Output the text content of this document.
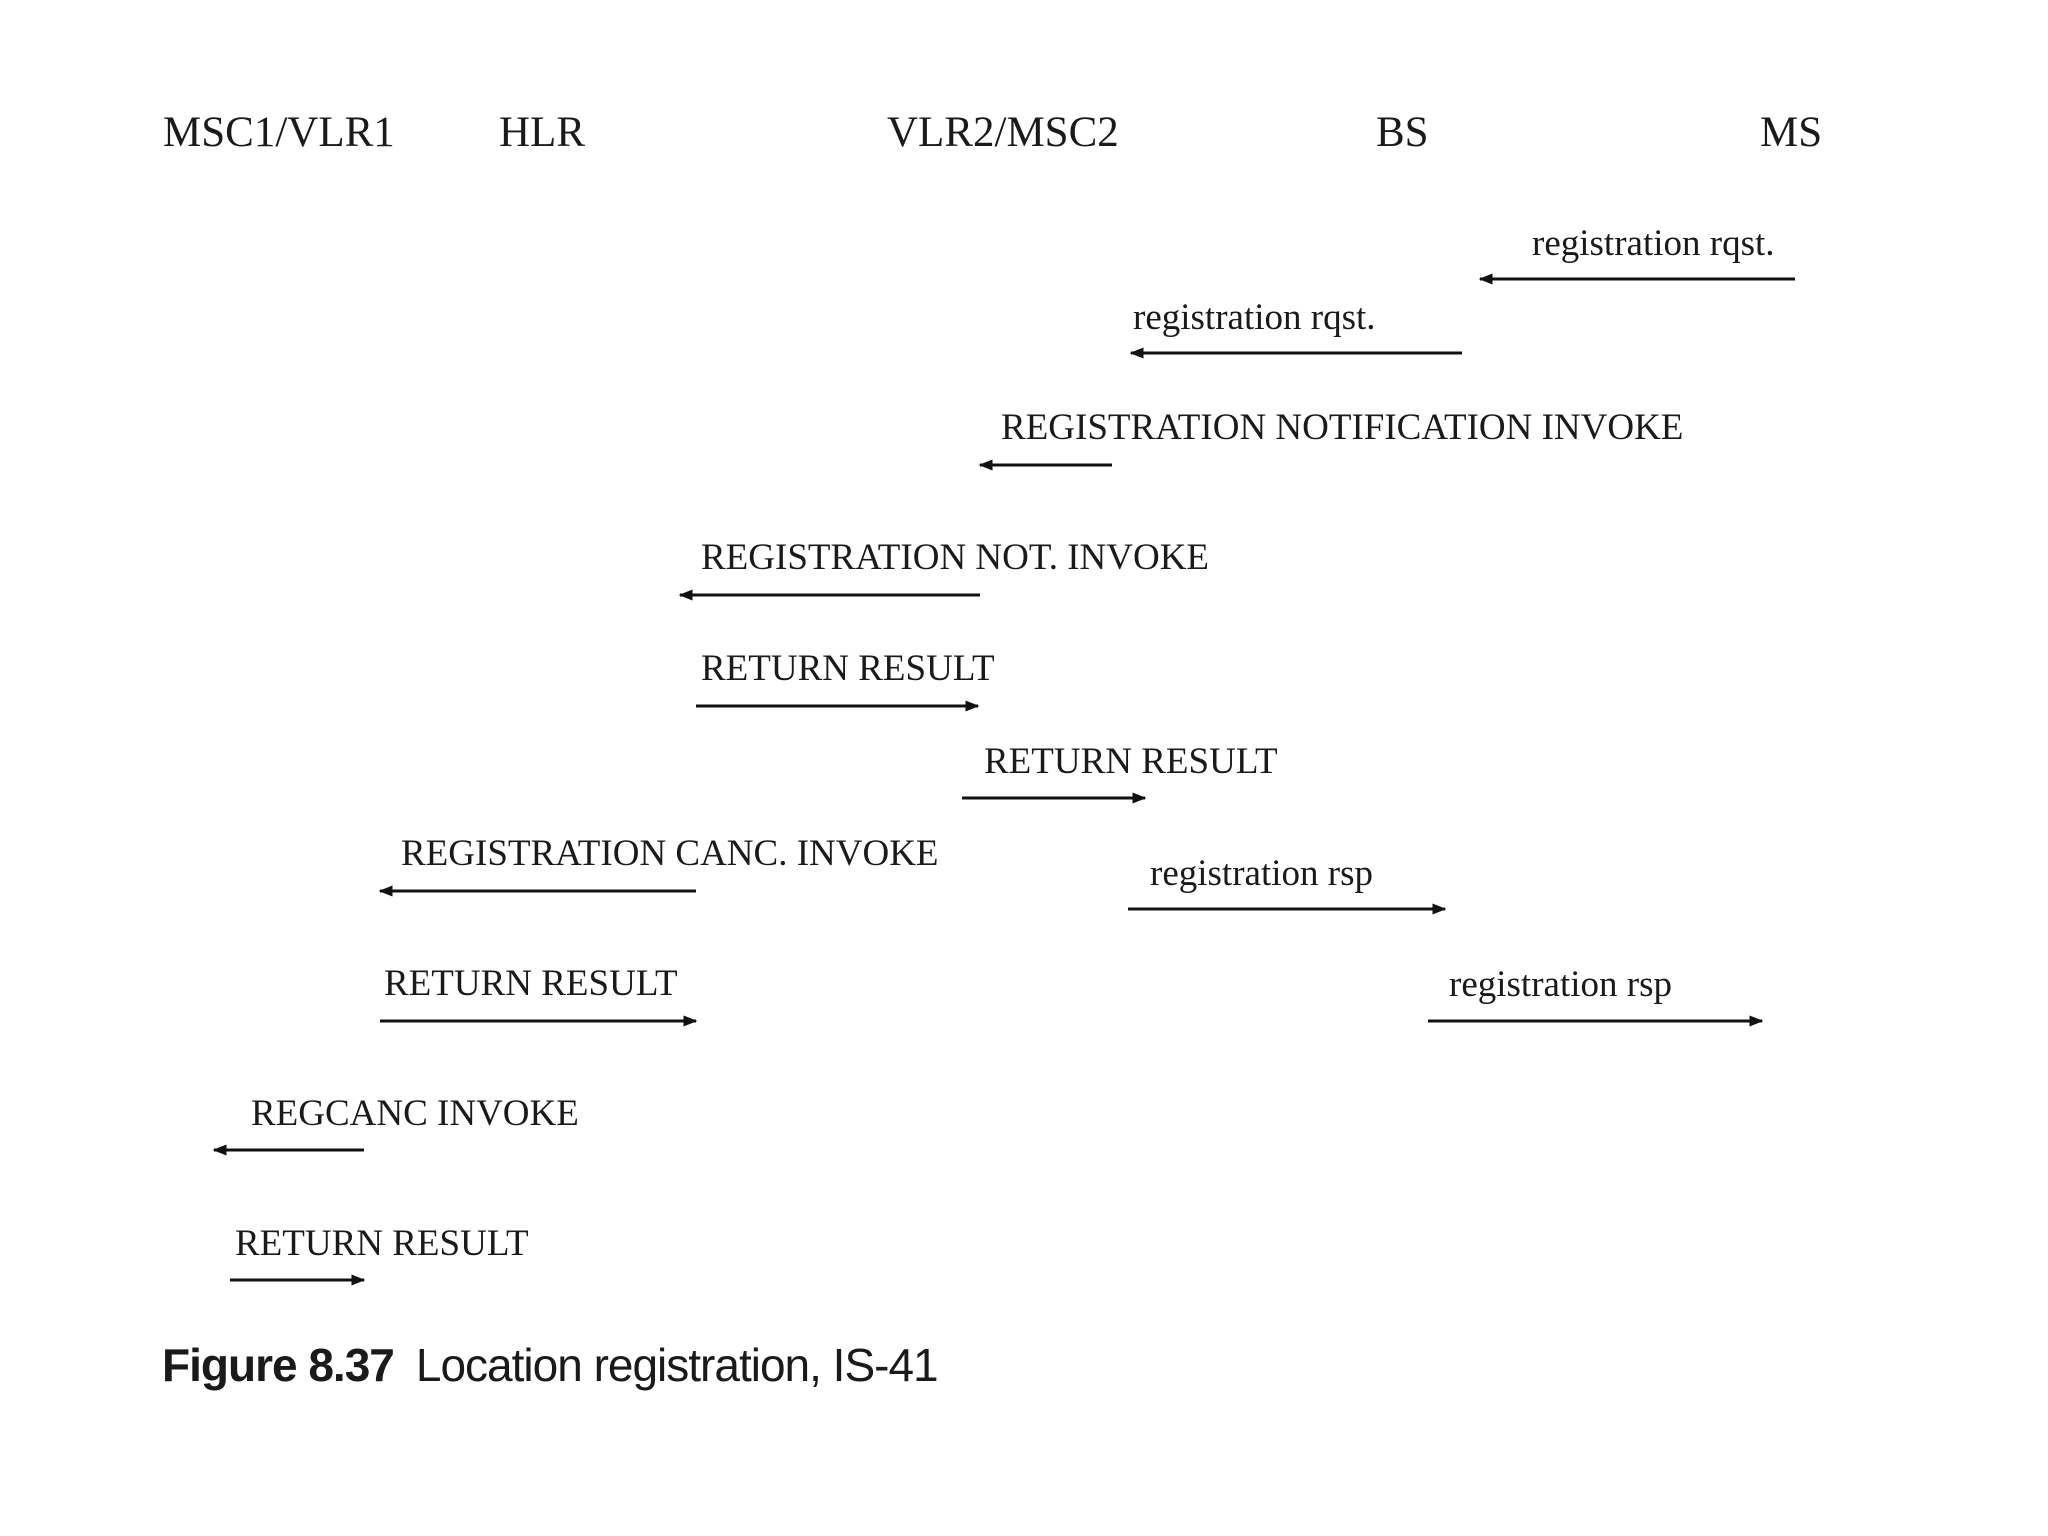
MSC1/VLR1 HLR	VLR2/MSC2	BS	MS
registration rqst.
registration rqst.
REGISTRATION NOTIFICATION INVOKE
REGISTRATION NOT. INVOKE
RETURN RESULT
RETURN RESULT
REGISTRATION CANC. INVOKE	registration rsp
RETURN RESULT	registration rsp
REGCANC INVOKE
RETURN RESULT
Figure 8.37 Location registration, IS-41
